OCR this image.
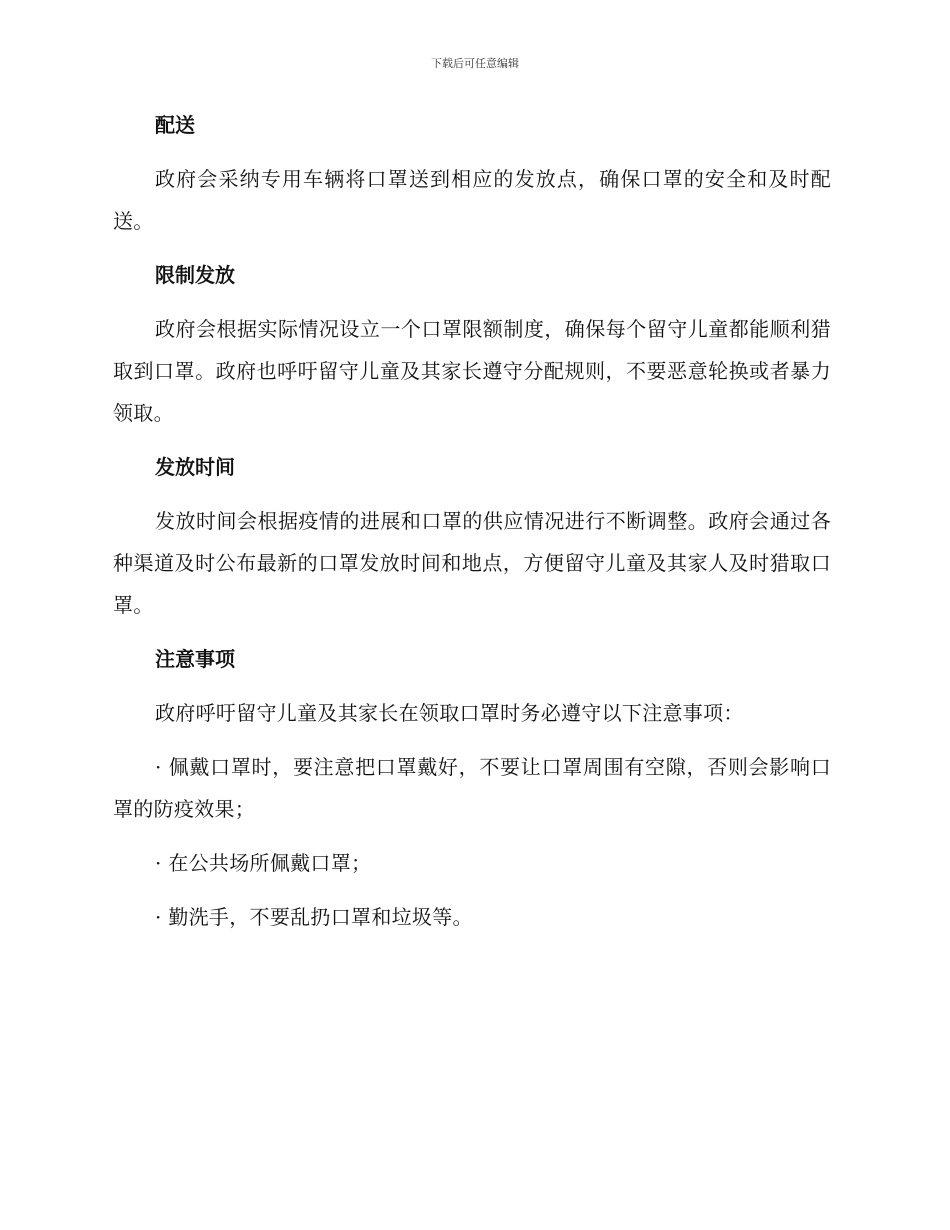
下载后可任意编辑
配送
政府会采纳专用车辆将口罩送到相应的发放点，确保口罩的安全和及时配送。
限制发放
政府会根据实际情况设立一个口罩限额制度，确保每个留守儿童都能顺利猎取到口罩。政府也呼吁留守儿童及其家长遵守分配规则，不要恶意轮换或者暴力领取。
发放时间
发放时间会根据疫情的进展和口罩的供应情况进行不断调整。政府会通过各种渠道及时公布最新的口罩发放时间和地点，方便留守儿童及其家人及时猎取口罩。
注意事项
政府呼吁留守儿童及其家长在领取口罩时务必遵守以下注意事项：
· 佩戴口罩时，要注意把口罩戴好，不要让口罩周围有空隙，否则会影响口罩的防疫效果；
· 在公共场所佩戴口罩；
· 勤洗手，不要乱扔口罩和垃圾等。
